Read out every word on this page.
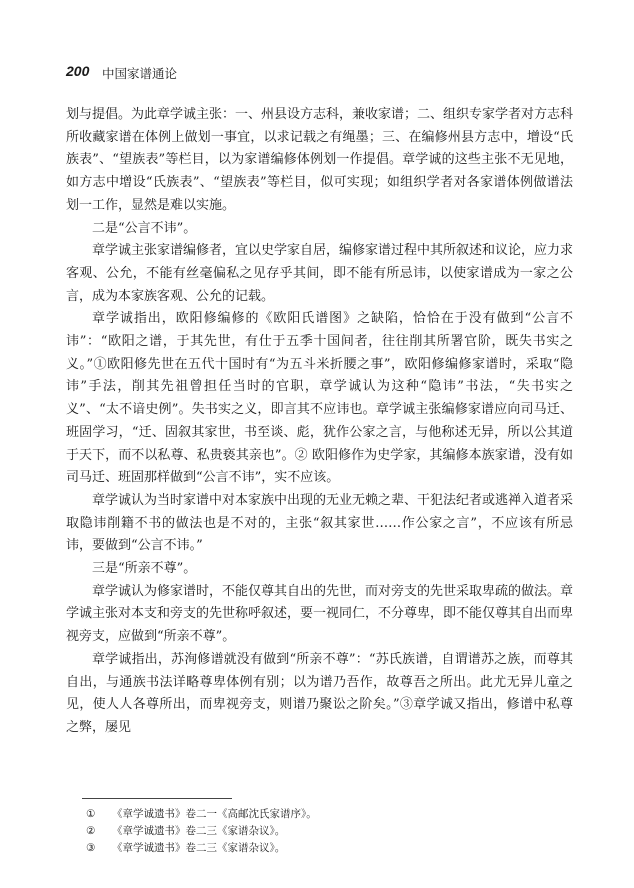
200 中国家谱通论

划与提倡。为此章学诚主张：一、州县设方志科，兼收家谱；二、组织专家学者对方志科所收藏家谱在体例上做划一事宜，以求记载之有绳墨；三、在编修州县方志中，增设“氏族表”、“望族表”等栏目，以为家谱编修体例划一作提倡。章学诚的这些主张不无见地，如方志中增设“氏族表”、“望族表”等栏目，似可实现；如组织学者对各家谱体例做谱法划一工作，显然是难以实施。

二是“公言不讳”。

章学诚主张家谱编修者，宜以史学家自居，编修家谱过程中其所叙述和议论，应力求客观、公允，不能有丝毫偏私之见存乎其间，即不能有所忌讳，以使家谱成为一家之公言，成为本家族客观、公允的记载。

章学诚指出，欧阳修编修的《欧阳氏谱图》之缺陷，恰恰在于没有做到“公言不讳”：“欧阳之谱，于其先世，有仕于五季十国间者，往往削其所署官阶，既失书实之义。”①欧阳修先世在五代十国时有“为五斗米折腰之事”，欧阳修编修家谱时，采取“隐讳”手法，削其先祖曾担任当时的官职，章学诚认为这种“隐讳”书法，“失书实之义”、“太不谙史例”。失书实之义，即言其不应讳也。章学诚主张编修家谱应向司马迁、班固学习，“迁、固叙其家世，书至谈、彪，犹作公家之言，与他称述无异，所以公其道于天下，而不以私尊、私贵亵其亲也”。② 欧阳修作为史学家，其编修本族家谱，没有如司马迁、班固那样做到“公言不讳”，实不应该。

章学诚认为当时家谱中对本家族中出现的无业无赖之辈、干犯法纪者或逃禅入道者采取隐讳削籍不书的做法也是不对的，主张“叙其家世……作公家之言”，不应该有所忌讳，要做到“公言不讳。”

三是“所亲不尊”。

章学诚认为修家谱时，不能仅尊其自出的先世，而对旁支的先世采取卑疏的做法。章学诚主张对本支和旁支的先世称呼叙述，要一视同仁，不分尊卑，即不能仅尊其自出而卑视旁支，应做到“所亲不尊”。

章学诚指出，苏洵修谱就没有做到“所亲不尊”：“苏氏族谱，自谓谱苏之族，而尊其自出，与通族书法详略尊卑体例有别；以为谱乃吾作，故尊吾之所出。此尤无异儿童之见，使人人各尊所出，而卑视旁支，则谱乃聚讼之阶矣。”③章学诚又指出，修谱中私尊之弊，屡见

① 《章学诚遗书》卷二一《高邮沈氏家谱序》。

② 《章学诚遗书》卷二三《家谱杂议》。

③ 《章学诚遗书》卷二三《家谱杂议》。
